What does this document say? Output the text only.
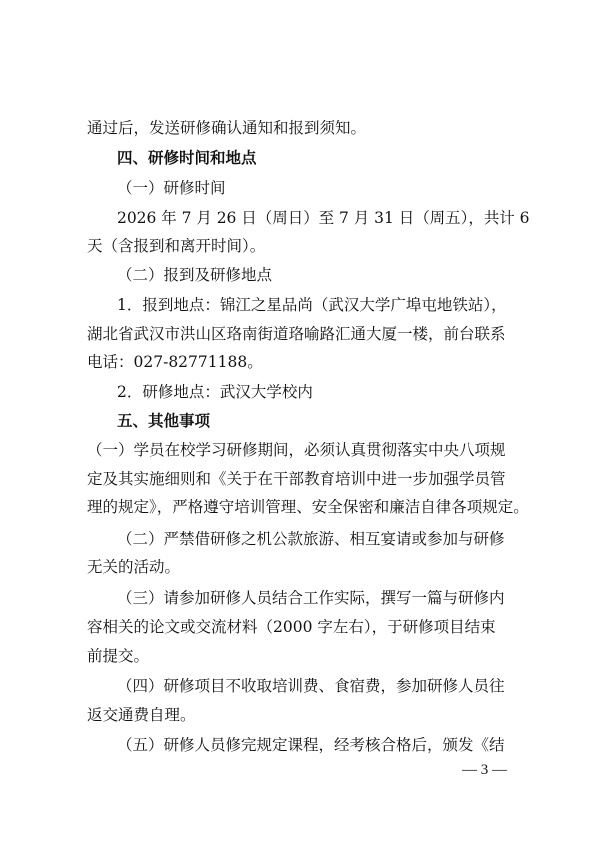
通过后，发送研修确认通知和报到须知。
四、研修时间和地点
（一）研修时间
2026 年 7 月 26 日（周日）至 7 月 31 日（周五），共计 6
天（含报到和离开时间）。
（二）报到及研修地点
1．报到地点：锦江之星品尚（武汉大学广埠屯地铁站），
湖北省武汉市洪山区珞南街道珞喻路汇通大厦一楼，前台联系
电话：027-82771188。
2．研修地点：武汉大学校内
五、其他事项
（一）学员在校学习研修期间，必须认真贯彻落实中央八项规
定及其实施细则和《关于在干部教育培训中进一步加强学员管
理的规定》，严格遵守培训管理、安全保密和廉洁自律各项规定。
（二）严禁借研修之机公款旅游、相互宴请或参加与研修
无关的活动。
（三）请参加研修人员结合工作实际，撰写一篇与研修内
容相关的论文或交流材料（2000 字左右），于研修项目结束
前提交。
（四）研修项目不收取培训费、食宿费，参加研修人员往
返交通费自理。
（五）研修人员修完规定课程，经考核合格后，颁发《结
— 3 —
